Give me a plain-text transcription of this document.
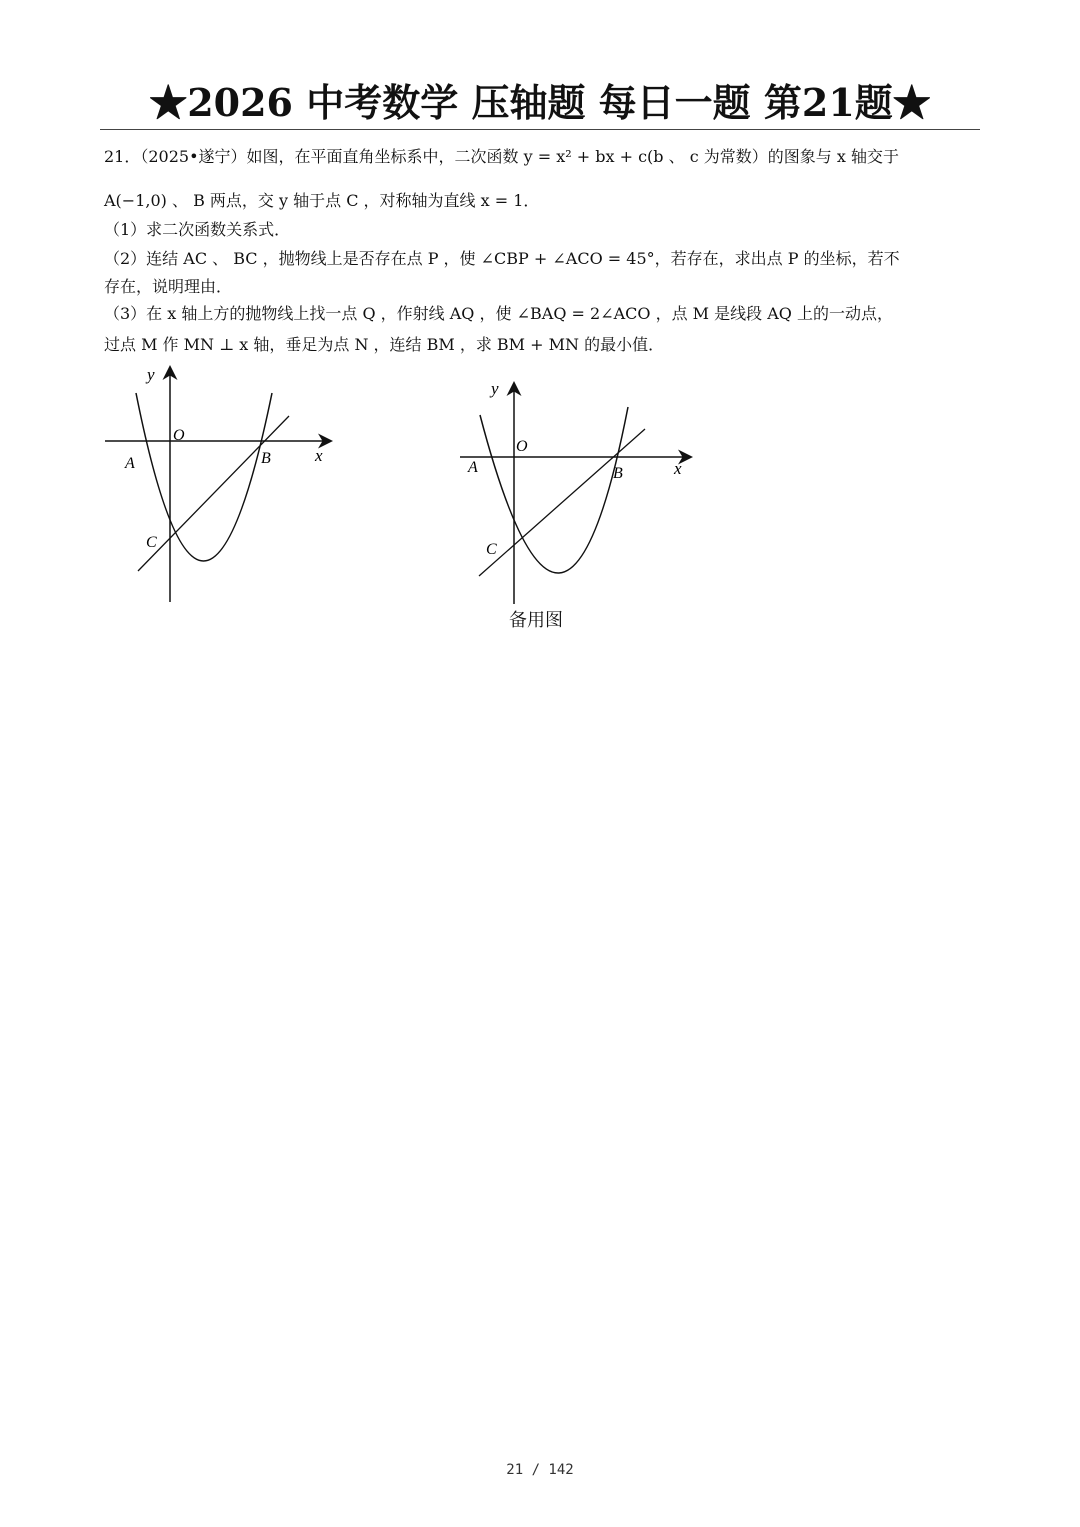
★2026 中考数学 压轴题 每日一题 第21题★
21．（2025•遂宁）如图，在平面直角坐标系中，二次函数 y = x² + bx + c(b 、 c 为常数）的图象与 x 轴交于
A(−1,0) 、 B 两点，交 y 轴于点 C ，对称轴为直线 x = 1．
（1）求二次函数关系式．
（2）连结 AC 、 BC ，抛物线上是否存在点 P ，使 ∠CBP + ∠ACO = 45°，若存在，求出点 P 的坐标，若不
存在，说明理由．
（3）在 x 轴上方的抛物线上找一点 Q ，作射线 AQ ，使 ∠BAQ = 2∠ACO ，点 M 是线段 AQ 上的一动点，
过点 M 作 MN ⊥ x 轴，垂足为点 N ，连结 BM ，求 BM + MN 的最小值．
y
x
O
A	B
C
y
x
O
A	B
C
备用图
21 / 142
